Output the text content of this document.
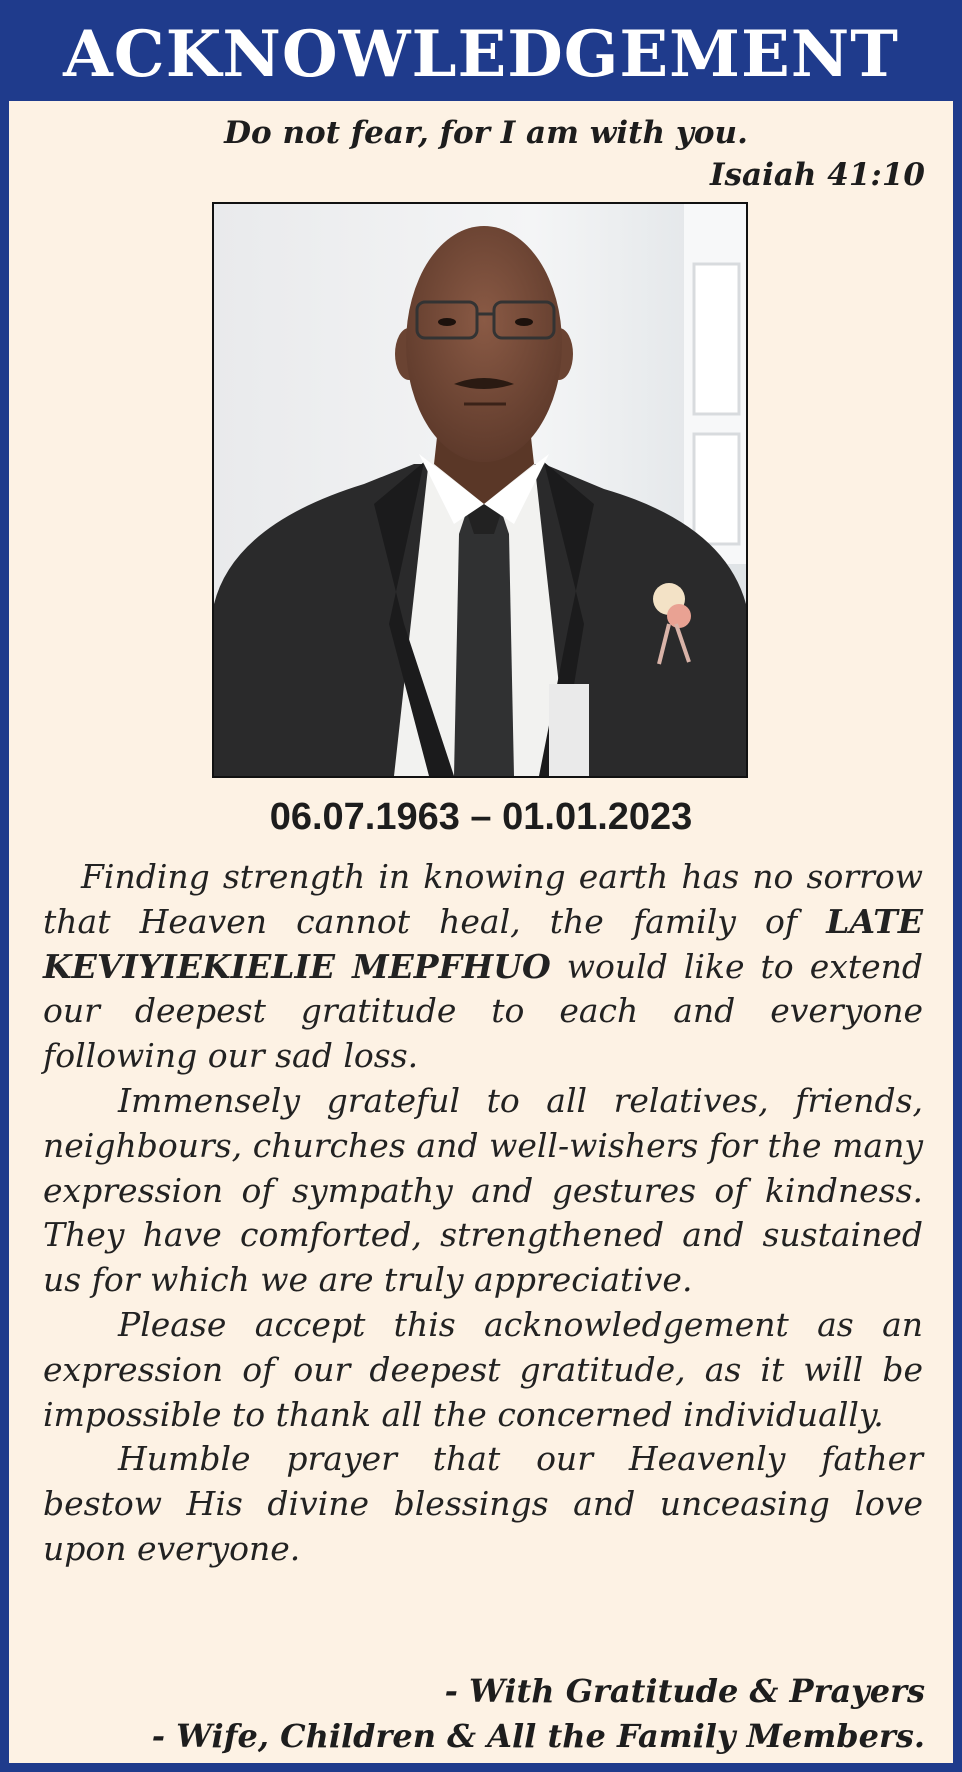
ACKNOWLEDGEMENT
Do not fear, for I am with you.
Isaiah 41:10
06.07.1963 – 01.01.2023

Finding strength in knowing earth has no sorrow that Heaven cannot heal, the family of LATE KEVIYIEKIELIE MEPFHUO would like to extend our deepest gratitude to each and everyone following our sad loss.

Immensely grateful to all relatives, friends, neighbours, churches and well-wishers for the many expression of sympathy and gestures of kindness. They have comforted, strengthened and sustained us for which we are truly appreciative.

Please accept this acknowledgement as an expression of our deepest gratitude, as it will be impossible to thank all the concerned individually.

Humble prayer that our Heavenly father bestow His divine blessings and unceasing love upon everyone.

- With Gratitude & Prayers
- Wife, Children & All the Family Members.
